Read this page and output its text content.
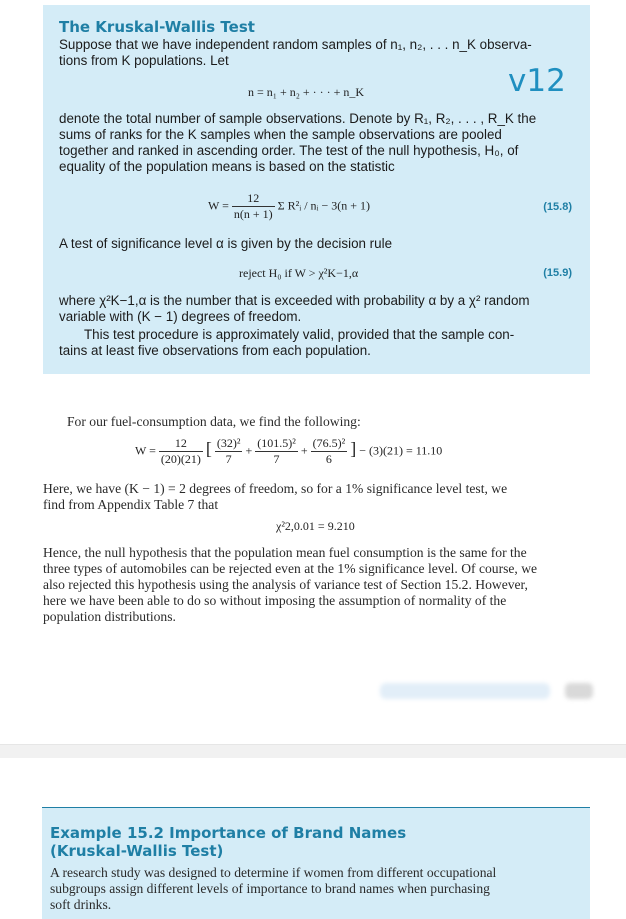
The Kruskal-Wallis Test
v12
Suppose that we have independent random samples of n₁, n₂, . . . n_K observa-
tions from K populations. Let
n = n₁ + n₂ + · · · + n_K
denote the total number of sample observations. Denote by R₁, R₂, . . . , R_K the
sums of ranks for the K samples when the sample observations are pooled
together and ranked in ascending order. The test of the null hypothesis, H₀, of
equality of the population means is based on the statistic
$W = \frac{12}{n(n + 1)}$ Σ R²ᵢ / nᵢ − 3(n + 1)	(15.8)
A test of significance level α is given by the decision rule
reject H₀ if W > χ²K−1,α	(15.9)
where χ²K−1,α is the number that is exceeded with probability α by a χ² random
variable with (K − 1) degrees of freedom.
This test procedure is approximately valid, provided that the sample con-
tains at least five observations from each population.
For our fuel-consumption data, we find the following:
$W = \frac{12}{(20)(21)}$ [ $\frac{\text{(32)²}}{7} + \frac{\text{(101.5)²}}{7} + \frac{\text{(76.5)²}}{6}$ ] − (3)(21) = 11.10
Here, we have (K − 1) = 2 degrees of freedom, so for a 1% significance level test, we
find from Appendix Table 7 that
χ²2,0.01 = 9.210
Hence, the null hypothesis that the population mean fuel consumption is the same for the
three types of automobiles can be rejected even at the 1% significance level. Of course, we
also rejected this hypothesis using the analysis of variance test of Section 15.2. However,
here we have been able to do so without imposing the assumption of normality of the
population distributions.
Example 15.2 Importance of Brand Names
(Kruskal-Wallis Test)
A research study was designed to determine if women from different occupational
subgroups assign different levels of importance to brand names when purchasing
soft drinks.
